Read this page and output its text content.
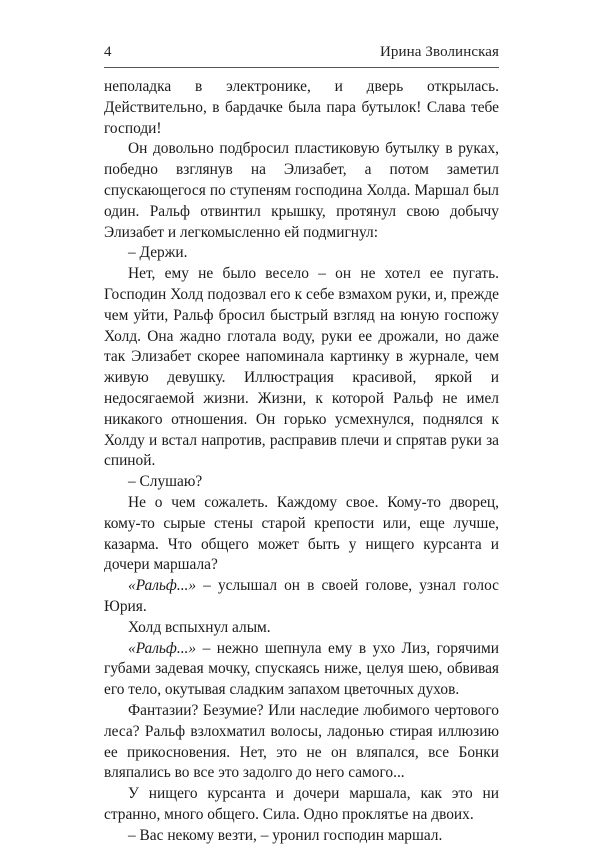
4	Ирина Зволинская

неполадка в электронике, и дверь открылась. Действительно, в бардачке была пара бутылок! Слава тебе господи!

Он довольно подбросил пластиковую бутылку в руках, победно взглянув на Элизабет, а потом заметил спускающегося по ступеням господина Холда. Маршал был один. Ральф отвинтил крышку, протянул свою добычу Элизабет и легкомысленно ей подмигнул:

– Держи.

Нет, ему не было весело – он не хотел ее пугать. Господин Холд подозвал его к себе взмахом руки, и, прежде чем уйти, Ральф бросил быстрый взгляд на юную госпожу Холд. Она жадно глотала воду, руки ее дрожали, но даже так Элизабет скорее напоминала картинку в журнале, чем живую девушку. Иллюстрация красивой, яркой и недосягаемой жизни. Жизни, к которой Ральф не имел никакого отношения. Он горько усмехнулся, поднялся к Холду и встал напротив, расправив плечи и спрятав руки за спиной.

– Слушаю?

Не о чем сожалеть. Каждому свое. Кому-то дворец, кому-то сырые стены старой крепости или, еще лучше, казарма. Что общего может быть у нищего курсанта и дочери маршала?

«Ральф...» – услышал он в своей голове, узнал голос Юрия.

Холд вспыхнул алым.

«Ральф...» – нежно шепнула ему в ухо Лиз, горячими губами задевая мочку, спускаясь ниже, целуя шею, обвивая его тело, окутывая сладким запахом цветочных духов.

Фантазии? Безумие? Или наследие любимого чертового леса? Ральф взлохматил волосы, ладонью стирая иллюзию ее прикосновения. Нет, это не он вляпался, все Бонки вляпались во все это задолго до него самого...

У нищего курсанта и дочери маршала, как это ни странно, много общего. Сила. Одно проклятье на двоих.

– Вас некому везти, – уронил господин маршал.
